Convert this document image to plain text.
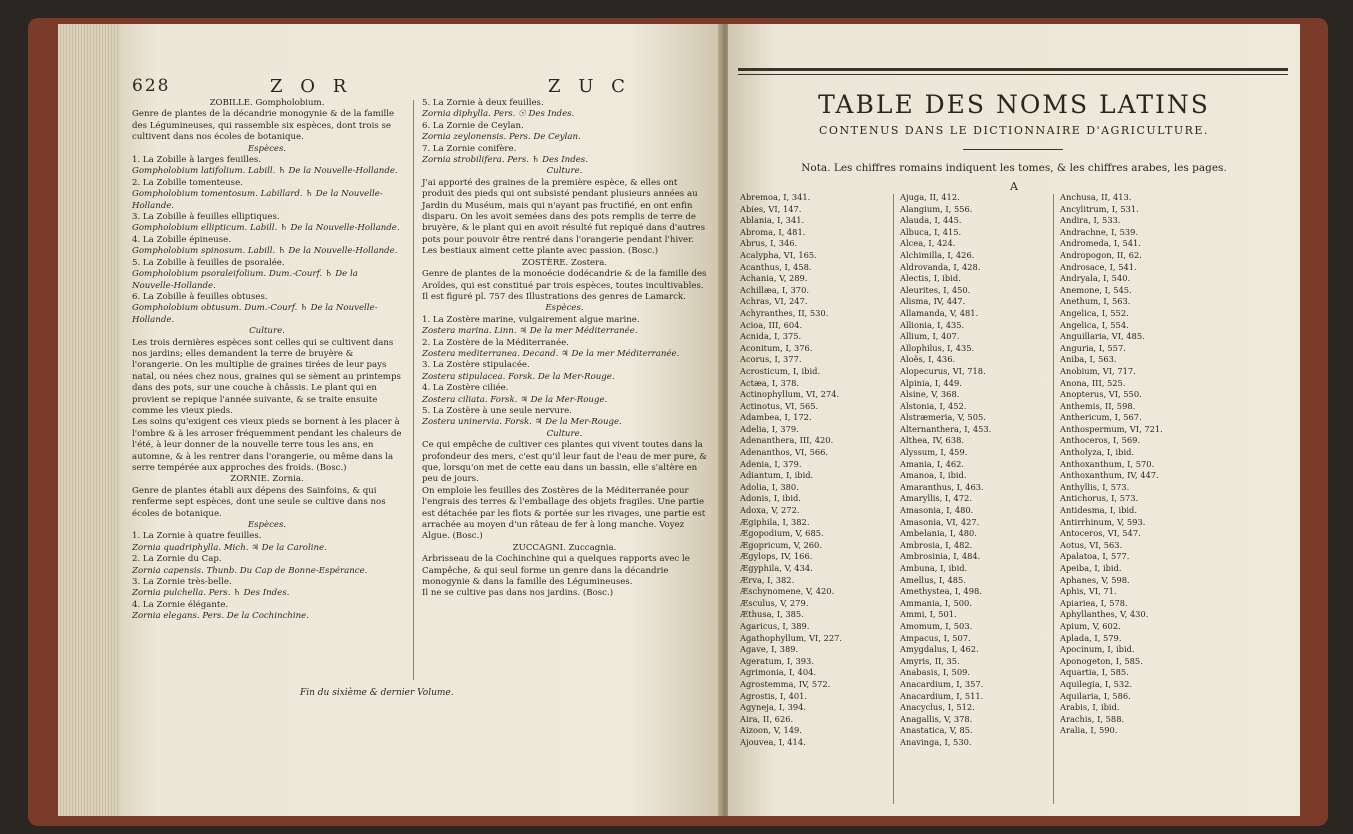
628	Z O R	Z U C

ZOBILLE. Gompholobium.

Genre de plantes de la décandrie monogynie & de la famille des Légumineuses, qui rassemble six espèces, dont trois se cultivent dans nos écoles de botanique.

Espèces.

1. La Zobille à larges feuilles.

Gompholobium latifolium. Labill. ♄ De la Nouvelle-Hollande.

2. La Zobille tomenteuse.

Gompholobium tomentosum. Labillard. ♄ De la Nouvelle-Hollande.

3. La Zobille à feuilles elliptiques.

Gompholobium ellipticum. Labill. ♄ De la Nouvelle-Hollande.

4. La Zobille épineuse.

Gompholobium spinosum. Labill. ♄ De la Nouvelle-Hollande.

5. La Zobille à feuilles de psoralée.

Gompholobium psoraleifolium. Dum.-Courf. ♄ De la Nouvelle-Hollande.

6. La Zobille à feuilles obtuses.

Gompholobium obtusum. Dum.-Courf. ♄ De la Nouvelle-Hollande.

Culture.

Les trois dernières espèces sont celles qui se cultivent dans nos jardins; elles demandent la terre de bruyère & l'orangerie. On les multiplie de graines tirées de leur pays natal, ou nées chez nous, graines qui se sèment au printemps dans des pots, sur une couche à châssis. Le plant qui en provient se repique l'année suivante, & se traite ensuite comme les vieux pieds.

Les soins qu'exigent ces vieux pieds se bornent à les placer à l'ombre & à les arroser fréquemment pendant les chaleurs de l'été, à leur donner de la nouvelle terre tous les ans, en automne, & à les rentrer dans l'orangerie, ou même dans la serre tempérée aux approches des froids. (Bosc.)

ZORNIE. Zornia.

Genre de plantes établi aux dépens des Sainfoins, & qui renferme sept espèces, dont une seule se cultive dans nos écoles de botanique.

Espèces.

1. La Zornie à quatre feuilles.

Zornia quadriphylla. Mich. ♃ De la Caroline.

2. La Zornie du Cap.

Zornia capensis. Thunb. Du Cap de Bonne-Espérance.

3. La Zornie très-belle.

Zornia pulchella. Pers. ♄ Des Indes.

4. La Zornie élégante.

Zornia elegans. Pers. De la Cochinchine.

5. La Zornie à deux feuilles.

Zornia diphylla. Pers. ☉ Des Indes.

6. La Zornie de Ceylan.

Zornia zeylonensis. Pers. De Ceylan.

7. La Zornie conifère.

Zornia strobilifera. Pers. ♄ Des Indes.

Culture.

J'ai apporté des graines de la première espèce, & elles ont produit des pieds qui ont subsisté pendant plusieurs années au Jardin du Muséum, mais qui n'ayant pas fructifié, en ont enfin disparu. On les avoit semées dans des pots remplis de terre de bruyère, & le plant qui en avoit résulté fut repiqué dans d'autres pots pour pouvoir être rentré dans l'orangerie pendant l'hiver.

Les bestiaux aiment cette plante avec passion. (Bosc.)

ZOSTÈRE. Zostera.

Genre de plantes de la monoécie dodécandrie & de la famille des Aroïdes, qui est constitué par trois espèces, toutes incultivables. Il est figuré pl. 757 des Illustrations des genres de Lamarck.

Espèces.

1. La Zostère marine, vulgairement algue marine.

Zostera marina. Linn. ♃ De la mer Méditerranée.

2. La Zostère de la Méditerranée.

Zostera mediterranea. Decand. ♃ De la mer Méditerranée.

3. La Zostère stipulacée.

Zostera stipulacea. Forsk. De la Mer-Rouge.

4. La Zostère ciliée.

Zostera ciliata. Forsk. ♃ De la Mer-Rouge.

5. La Zostère à une seule nervure.

Zostera uninervia. Forsk. ♃ De la Mer-Rouge.

Culture.

Ce qui empêche de cultiver ces plantes qui vivent toutes dans la profondeur des mers, c'est qu'il leur faut de l'eau de mer pure, & que, lorsqu'on met de cette eau dans un bassin, elle s'altère en peu de jours.

On emploie les feuilles des Zostères de la Méditerranée pour l'engrais des terres & l'emballage des objets fragiles. Une partie est détachée par les flots & portée sur les rivages, une partie est arrachée au moyen d'un râteau de fer à long manche. Voyez Algue. (Bosc.)

ZUCCAGNI. Zuccagnia.

Arbrisseau de la Cochinchine qui a quelques rapports avec le Campêche, & qui seul forme un genre dans la décandrie monogynie & dans la famille des Légumineuses.

Il ne se cultive pas dans nos jardins. (Bosc.)

Fin du sixième & dernier Volume.
TABLE DES NOMS LATINS
CONTENUS DANS LE DICTIONNAIRE D'AGRICULTURE.
Nota. Les chiffres romains indiquent les tomes, & les chiffres arabes, les pages.
A
Abremoa, I, 341.
Abies, VI, 147.
Ablania, I, 341.
Abroma, I, 481.
Abrus, I, 346.
Acalypha, VI, 165.
Acanthus, I, 458.
Achania, V, 289.
Achillæa, I, 370.
Achras, VI, 247.
Achyranthes, II, 530.
Acioa, III, 604.
Acnida, I, 375.
Aconitum, I, 376.
Acorus, I, 377.
Acrosticum, I, ibid.
Actæa, I, 378.
Actinophyllum, VI, 274.
Actinotus, VI, 565.
Adambea, I, 172.
Adelia, I, 379.
Adenanthera, III, 420.
Adenanthos, VI, 566.
Adenia, I, 379.
Adiantum, I, ibid.
Adolia, I, 380.
Adonis, I, ibid.
Adoxa, V, 272.
Ægiphila, I, 382.
Ægopodium, V, 685.
Ægopricum, V, 260.
Ægylops, IV, 166.
Ægyphila, V, 434.
Ærva, I, 382.
Æschynomene, V, 420.
Æsculus, V, 279.
Æthusa, I, 385.
Agaricus, I, 389.
Agathophyllum, VI, 227.
Agave, I, 389.
Ageratum, I, 393.
Agrimonia, I, 404.
Agrostemma, IV, 572.
Agrostis, I, 401.
Agyneja, I, 394.
Aira, II, 626.
Aizoon, V, 149.
Ajouvea, I, 414.
Ajuga, II, 412.
Alangium, I, 556.
Alauda, I, 445.
Albuca, I, 415.
Alcea, I, 424.
Alchimilla, I, 426.
Aldrovanda, I, 428.
Alectis, I, ibid.
Aleurites, I, 450.
Alisma, IV, 447.
Allamanda, V, 481.
Allionia, I, 435.
Allium, I, 407.
Allophilus, I, 435.
Aloës, I, 436.
Alopecurus, VI, 718.
Alpinia, I, 449.
Alsine, V, 368.
Alstonia, I, 452.
Alstræmeria, V, 505.
Alternanthera, I, 453.
Althea, IV, 638.
Alyssum, I, 459.
Amania, I, 462.
Amanoa, I, ibid.
Amaranthus, I, 463.
Amaryllis, I, 472.
Amasonia, I, 480.
Amasonia, VI, 427.
Ambelania, I, 480.
Ambrosia, I, 482.
Ambrosinia, I, 484.
Ambuna, I, ibid.
Amellus, I, 485.
Amethystea, I, 498.
Ammania, I, 500.
Ammi, I, 501.
Amomum, I, 503.
Ampacus, I, 507.
Amygdalus, I, 462.
Amyris, II, 35.
Anabasis, I, 509.
Anacardium, I, 357.
Anacardium, I, 511.
Anacyclus, I, 512.
Anagallis, V, 378.
Anastatica, V, 85.
Anavinga, I, 530.
Anchusa, II, 413.
Ancylitrum, I, 531.
Andira, I, 533.
Andrachne, I, 539.
Andromeda, I, 541.
Andropogon, II, 62.
Androsace, I, 541.
Andryala, I, 540.
Anemone, I, 545.
Anethum, I, 563.
Angelica, I, 552.
Angelica, I, 554.
Anguillaria, VI, 485.
Anguria, I, 557.
Aniba, I, 563.
Anobium, VI, 717.
Anona, III, 525.
Anopterus, VI, 550.
Anthemis, II, 598.
Anthericum, I, 567.
Anthospermum, VI, 721.
Anthoceros, I, 569.
Antholyza, I, ibid.
Anthoxanthum, I, 570.
Anthoxanthum, IV, 447.
Anthyllis, I, 573.
Antichorus, I, 573.
Antidesma, I, ibid.
Antirrhinum, V, 593.
Antoceros, VI, 547.
Aotus, VI, 563.
Apalatoa, I, 577.
Apeiba, I, ibid.
Aphanes, V, 598.
Aphis, VI, 71.
Apiariea, I, 578.
Aphyllanthes, V, 430.
Apium, V, 602.
Aplada, I, 579.
Apocinum, I, ibid.
Aponogeton, I, 585.
Aquartia, I, 585.
Aquilegia, I, 532.
Aquilaria, I, 586.
Arabis, I, ibid.
Arachis, I, 588.
Aralia, I, 590.
